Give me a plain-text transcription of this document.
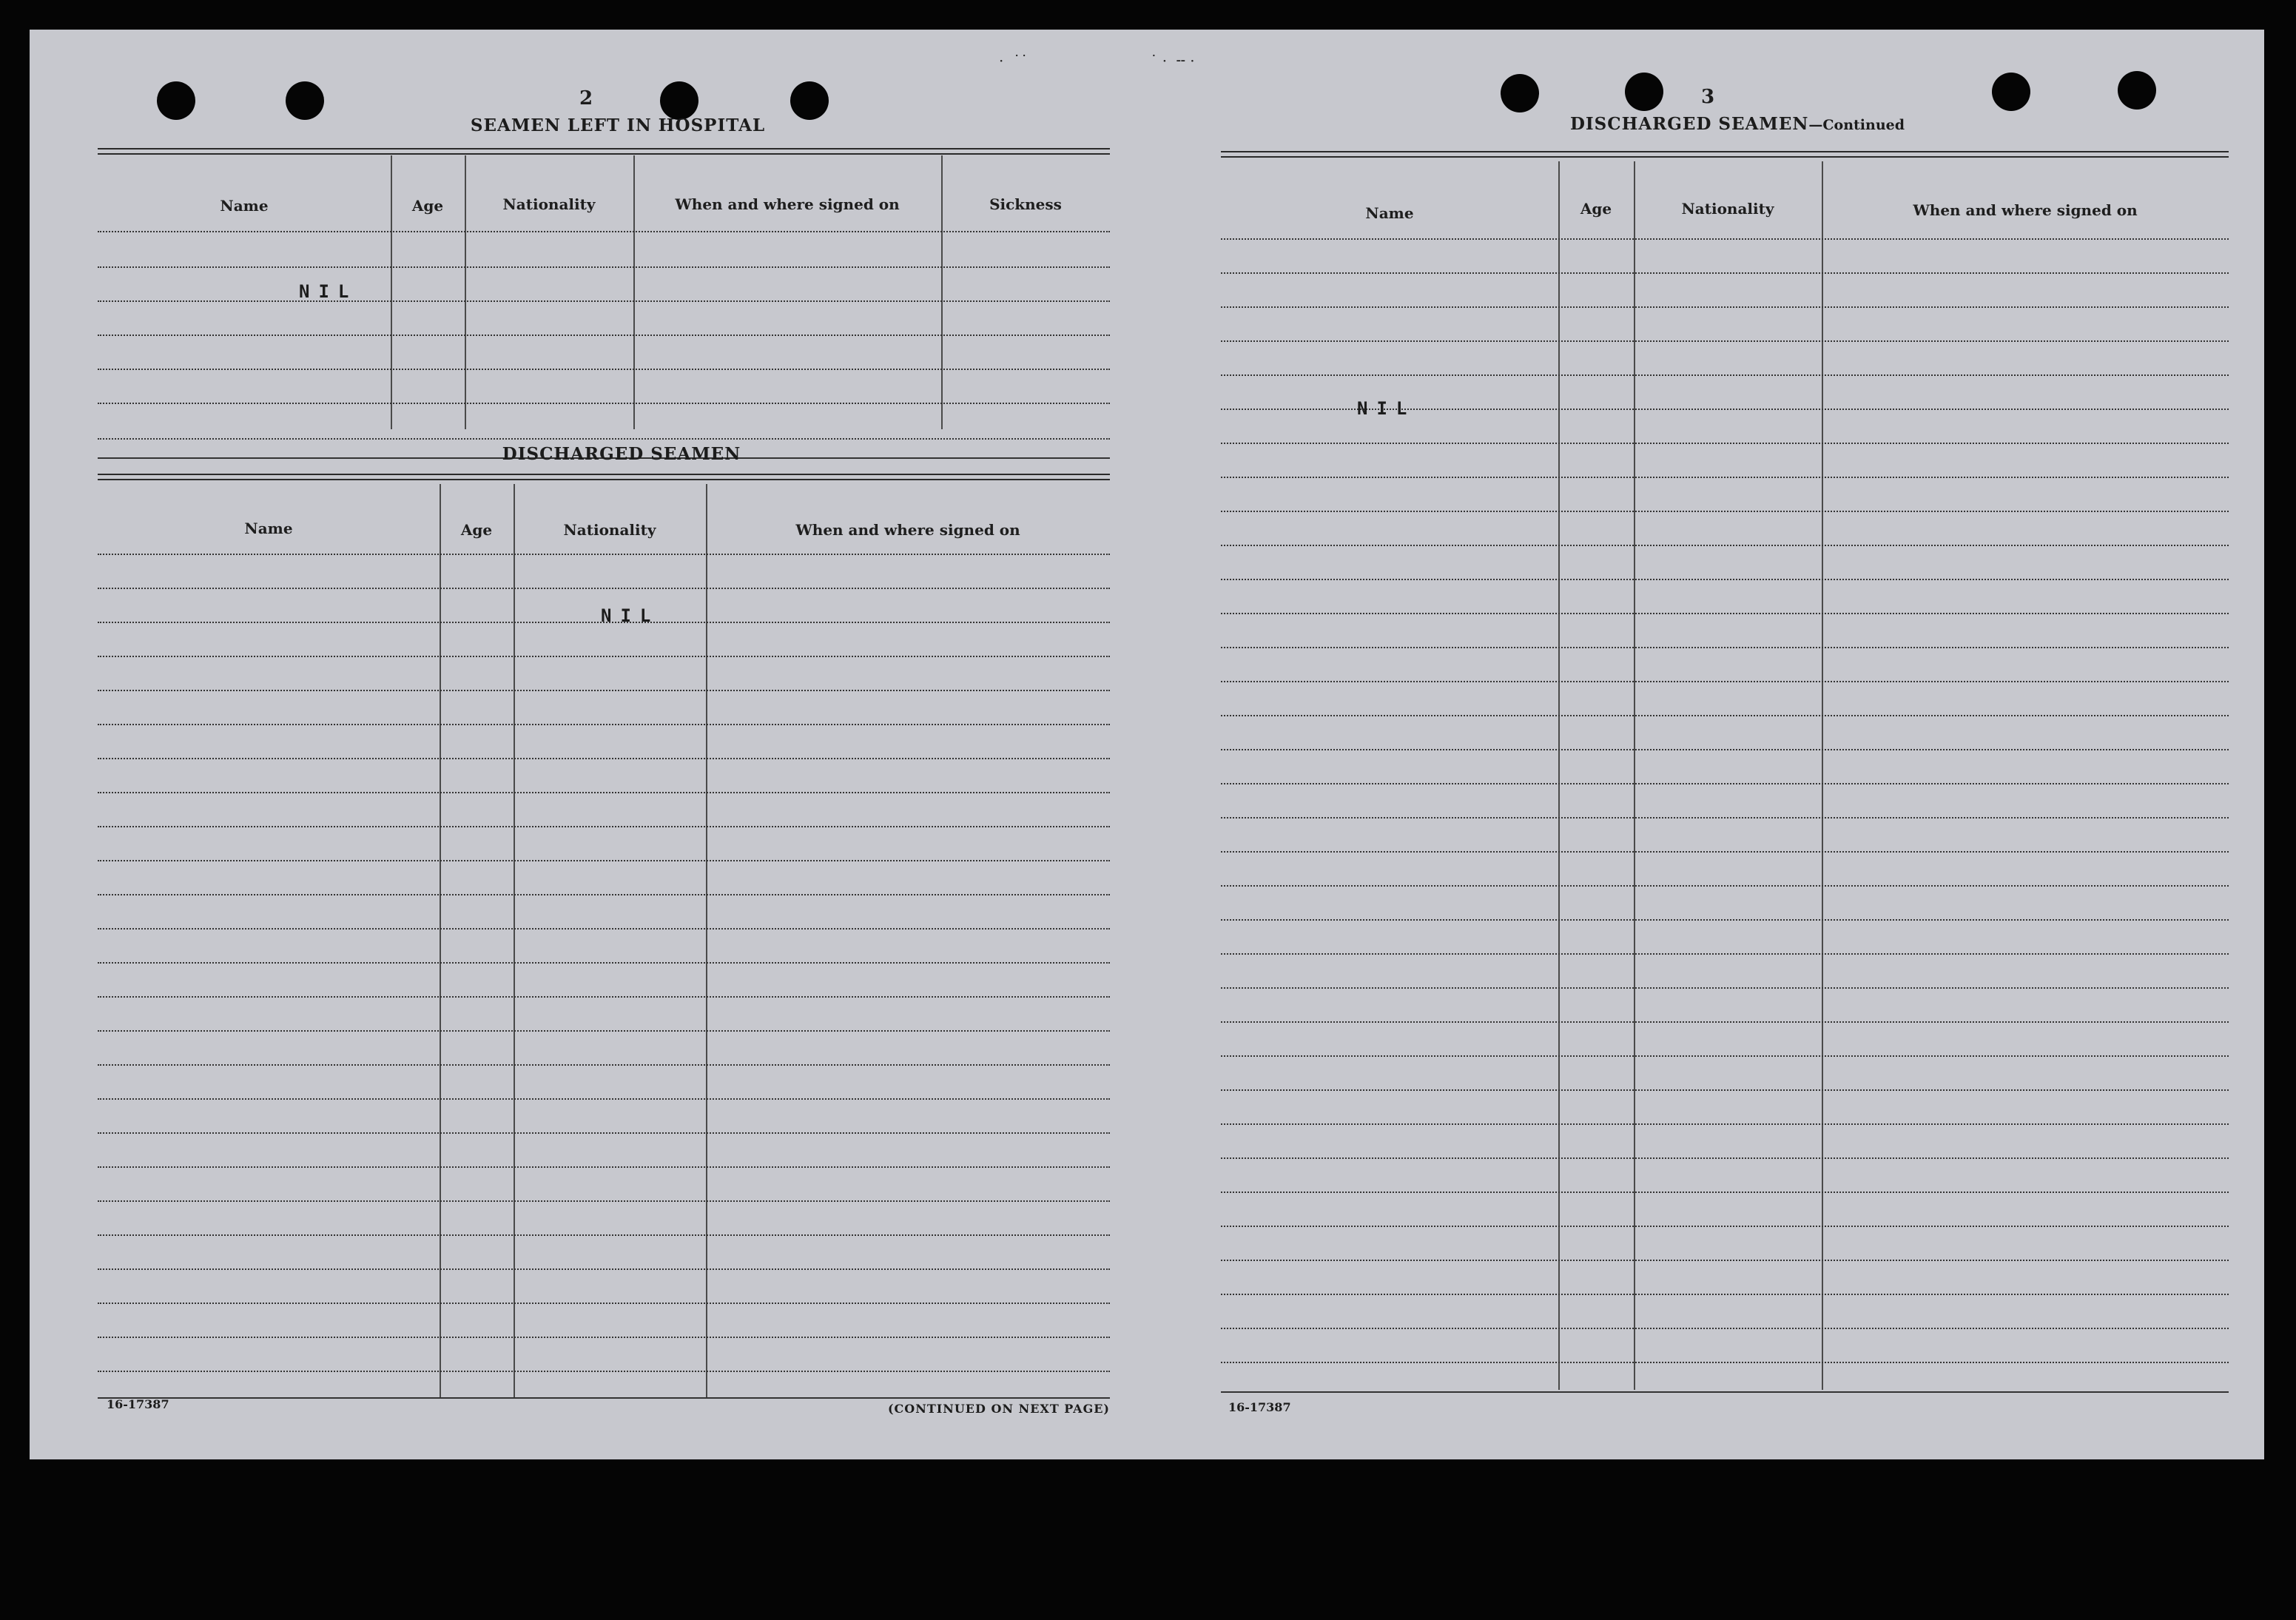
·  ˙˙                          ˙ ·  ╌ ·
2
SEAMEN LEFT IN HOSPITAL
Name	Age	Nationality	When and where signed on	Sickness
NIL
DISCHARGED SEAMEN
Name	Age	Nationality	When and where signed on
NIL
16-17387	(CONTINUED ON NEXT PAGE)
3
DISCHARGED SEAMEN—Continued
Name	Age	Nationality	When and where signed on
NIL
16-17387
